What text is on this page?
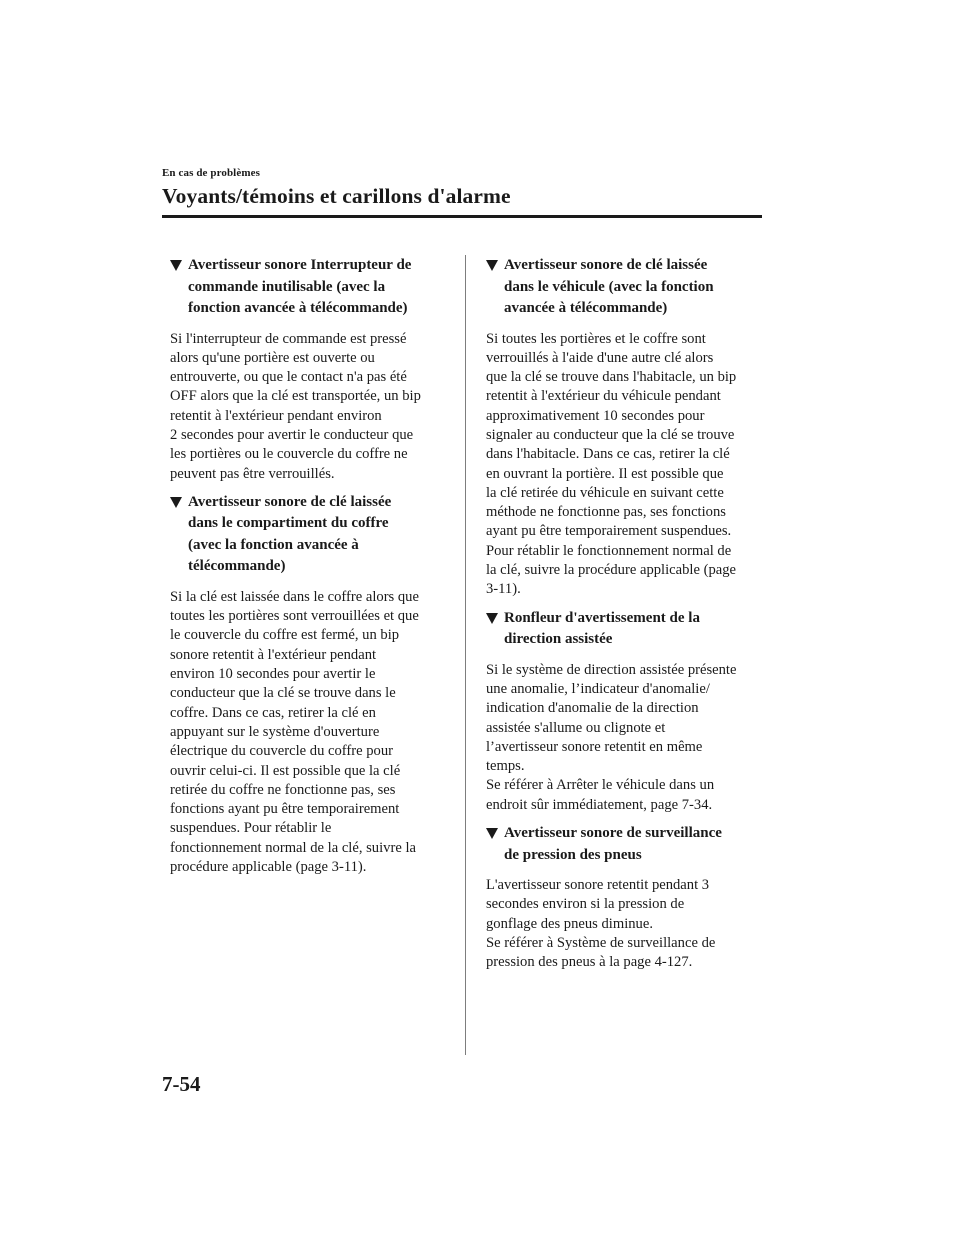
En cas de problèmes
Voyants/témoins et carillons d'alarme
Avertisseur sonore Interrupteur de
commande inutilisable (avec la
fonction avancée à télécommande)
Si l'interrupteur de commande est pressé
alors qu'une portière est ouverte ou
entrouverte, ou que le contact n'a pas été
OFF alors que la clé est transportée, un bip
retentit à l'extérieur pendant environ
2 secondes pour avertir le conducteur que
les portières ou le couvercle du coffre ne
peuvent pas être verrouillés.
Avertisseur sonore de clé laissée
dans le compartiment du coffre
(avec la fonction avancée à
télécommande)
Si la clé est laissée dans le coffre alors que
toutes les portières sont verrouillées et que
le couvercle du coffre est fermé, un bip
sonore retentit à l'extérieur pendant
environ 10 secondes pour avertir le
conducteur que la clé se trouve dans le
coffre. Dans ce cas, retirer la clé en
appuyant sur le système d'ouverture
électrique du couvercle du coffre pour
ouvrir celui-ci. Il est possible que la clé
retirée du coffre ne fonctionne pas, ses
fonctions ayant pu être temporairement
suspendues. Pour rétablir le
fonctionnement normal de la clé, suivre la
procédure applicable (page 3-11).
Avertisseur sonore de clé laissée
dans le véhicule (avec la fonction
avancée à télécommande)
Si toutes les portières et le coffre sont
verrouillés à l'aide d'une autre clé alors
que la clé se trouve dans l'habitacle, un bip
retentit à l'extérieur du véhicule pendant
approximativement 10 secondes pour
signaler au conducteur que la clé se trouve
dans l'habitacle. Dans ce cas, retirer la clé
en ouvrant la portière. Il est possible que
la clé retirée du véhicule en suivant cette
méthode ne fonctionne pas, ses fonctions
ayant pu être temporairement suspendues.
Pour rétablir le fonctionnement normal de
la clé, suivre la procédure applicable (page
3-11).
Ronfleur d'avertissement de la
direction assistée
Si le système de direction assistée présente
une anomalie, l’indicateur d'anomalie/
indication d'anomalie de la direction
assistée s'allume ou clignote et
l’avertisseur sonore retentit en même
temps.
Se référer à Arrêter le véhicule dans un
endroit sûr immédiatement, page 7-34.
Avertisseur sonore de surveillance
de pression des pneus
L'avertisseur sonore retentit pendant 3
secondes environ si la pression de
gonflage des pneus diminue.
Se référer à Système de surveillance de
pression des pneus à la page 4-127.
7-54
